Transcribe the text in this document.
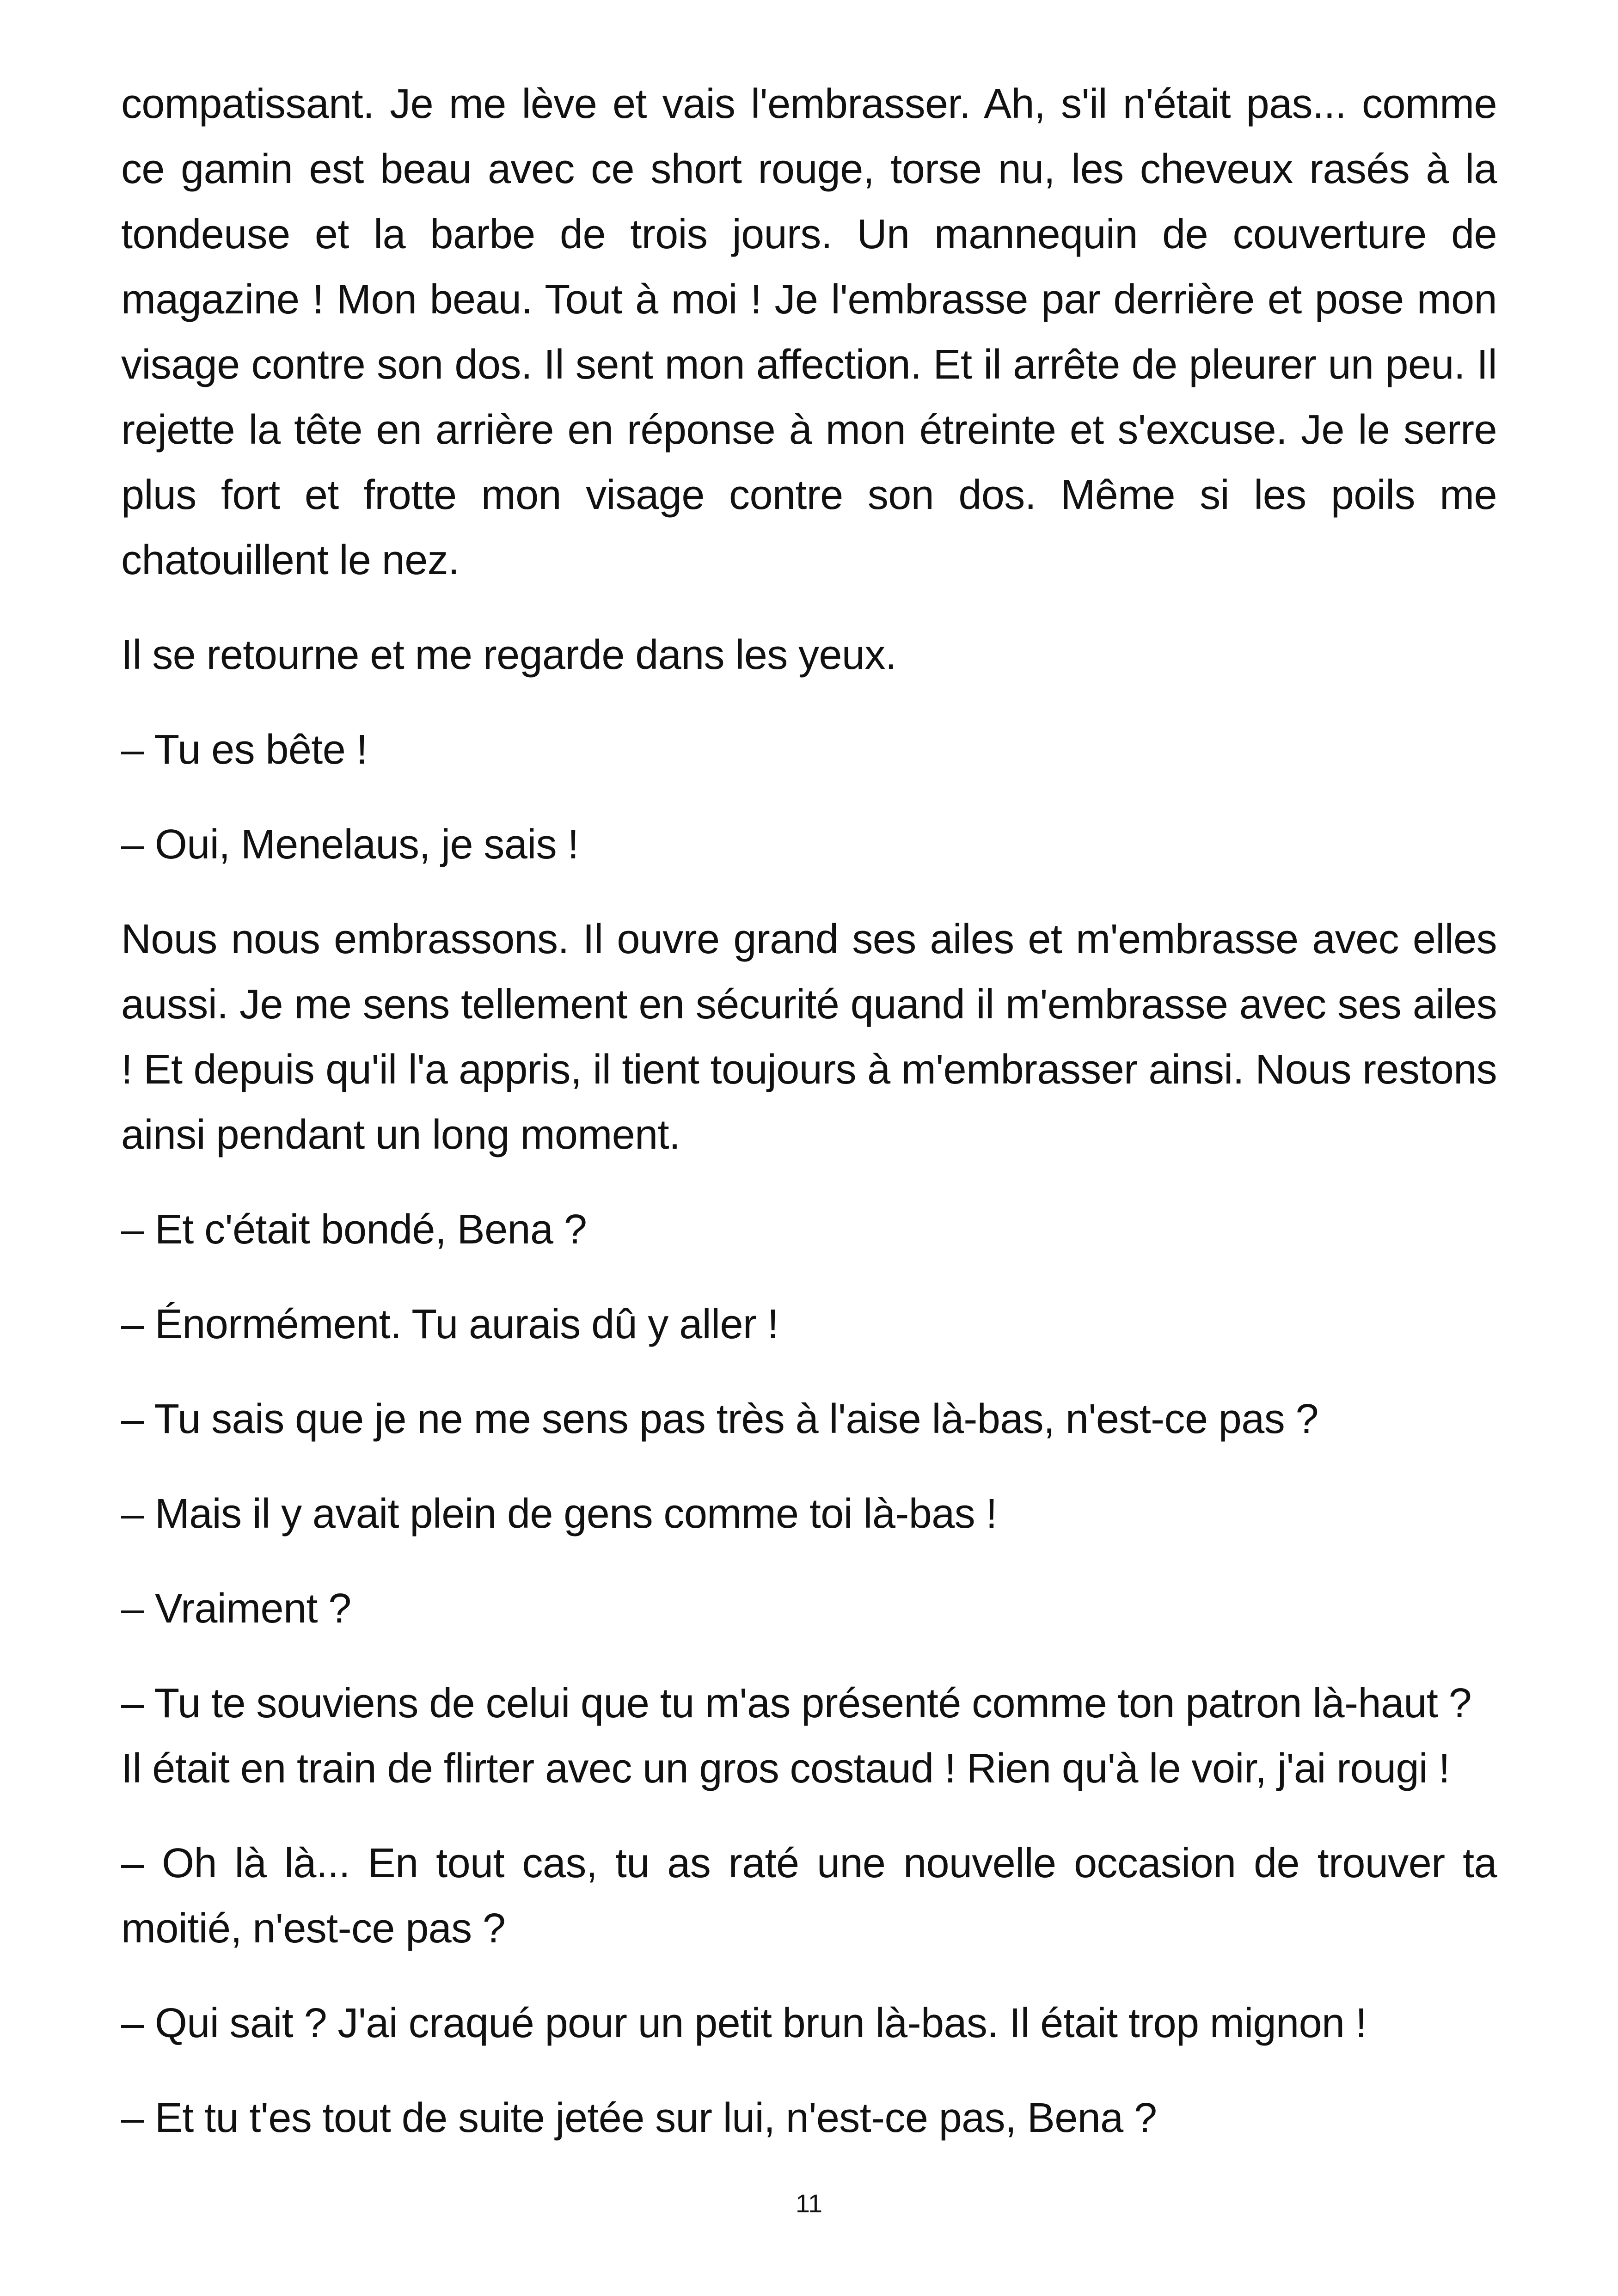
compatissant. Je me lève et vais l'embrasser. Ah, s'il n'était pas... comme ce gamin est beau avec ce short rouge, torse nu, les cheveux rasés à la tondeuse et la barbe de trois jours. Un mannequin de couverture de magazine ! Mon beau. Tout à moi ! Je l'embrasse par derrière et pose mon visage contre son dos. Il sent mon affection. Et il arrête de pleurer un peu. Il rejette la tête en arrière en réponse à mon étreinte et s'excuse. Je le serre plus fort et frotte mon visage contre son dos. Même si les poils me chatouillent le nez.

Il se retourne et me regarde dans les yeux.

– Tu es bête !

– Oui, Menelaus, je sais !

Nous nous embrassons. Il ouvre grand ses ailes et m'embrasse avec elles aussi. Je me sens tellement en sécurité quand il m'embrasse avec ses ailes ! Et depuis qu'il l'a appris, il tient toujours à m'embrasser ainsi. Nous restons ainsi pendant un long moment.

– Et c'était bondé, Bena ?

– Énormément. Tu aurais dû y aller !

– Tu sais que je ne me sens pas très à l'aise là-bas, n'est-ce pas ?

– Mais il y avait plein de gens comme toi là-bas !

– Vraiment ?

– Tu te souviens de celui que tu m'as présenté comme ton patron là-haut ? Il était en train de flirter avec un gros costaud ! Rien qu'à le voir, j'ai rougi !

– Oh là là... En tout cas, tu as raté une nouvelle occasion de trouver ta moitié, n'est-ce pas ?

– Qui sait ? J'ai craqué pour un petit brun là-bas. Il était trop mignon !

– Et tu t'es tout de suite jetée sur lui, n'est-ce pas, Bena ?

11
